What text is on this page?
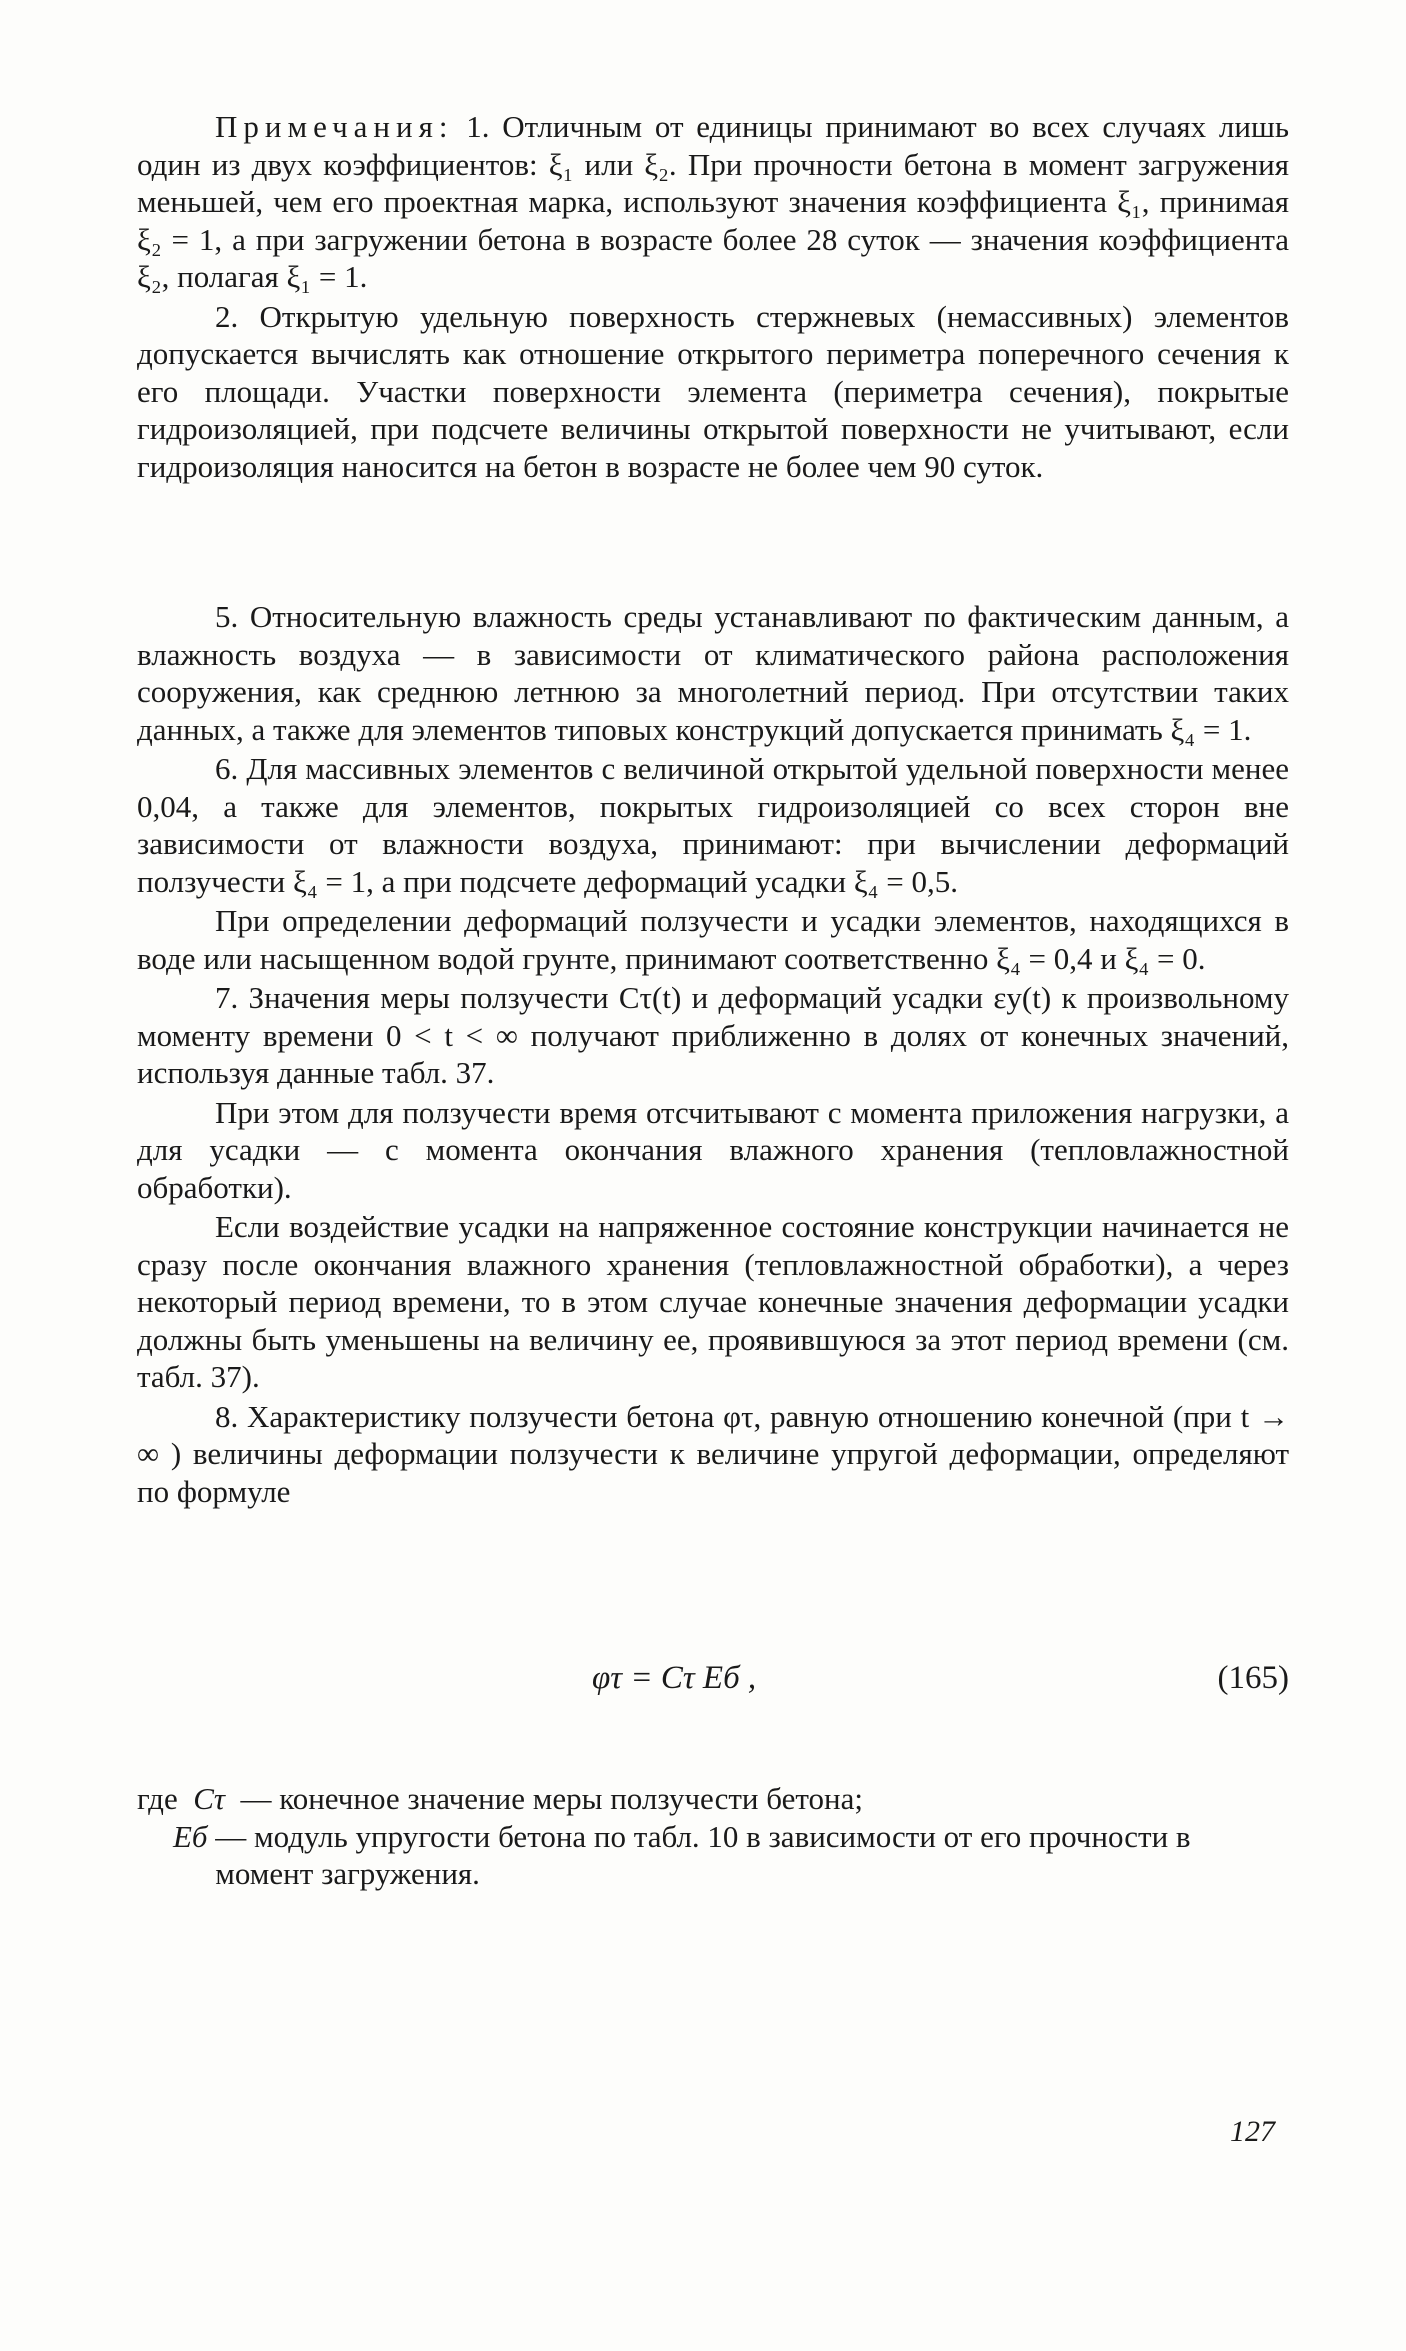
Примечания: 1. Отличным от единицы принимают во всех случаях лишь один из двух коэффициентов: ξ₁ или ξ₂. При прочности бетона в момент загружения меньшей, чем его проектная марка, используют значения коэффициента ξ₁, принимая ξ₂ = 1, а при загружении бетона в возрасте более 28 суток — значения коэффициента ξ₂, полагая ξ₁ = 1.

2. Открытую удельную поверхность стержневых (немассивных) элементов допускается вычислять как отношение открытого периметра поперечного сечения к его площади. Участки поверхности элемента (периметра сечения), покрытые гидроизоляцией, при подсчете величины открытой поверхности не учитывают, если гидроизоляция наносится на бетон в возрасте не более чем 90 суток.

5. Относительную влажность среды устанавливают по фактическим данным, а влажность воздуха — в зависимости от климатического района расположения сооружения, как среднюю летнюю за многолетний период. При отсутствии таких данных, а также для элементов типовых конструкций допускается принимать ξ₄ = 1.

6. Для массивных элементов с величиной открытой удельной поверхности менее 0,04, а также для элементов, покрытых гидроизоляцией со всех сторон вне зависимости от влажности воздуха, принимают: при вычислении деформаций ползучести ξ₄ = 1, а при подсчете деформаций усадки ξ₄ = 0,5.

При определении деформаций ползучести и усадки элементов, находящихся в воде или насыщенном водой грунте, принимают соответственно ξ₄ = 0,4 и ξ₄ = 0.

7. Значения меры ползучести Cτ(t) и деформаций усадки εу(t) к произвольному моменту времени 0 < t < ∞ получают приближенно в долях от конечных значений, используя данные табл. 37.

При этом для ползучести время отсчитывают с момента приложения нагрузки, а для усадки — с момента окончания влажного хранения (тепловлажностной обработки).

Если воздействие усадки на напряженное состояние конструкции начинается не сразу после окончания влажного хранения (тепловлажностной обработки), а через некоторый период времени, то в этом случае конечные значения деформации усадки должны быть уменьшены на величину ее, проявившуюся за этот период времени (см. табл. 37).

8. Характеристику ползучести бетона φτ, равную отношению конечной (при t → ∞ ) величины деформации ползучести к величине упругой деформации, определяют по формуле

φτ = Cτ Eб ,	(165)
где
Cτ
— конечное значение меры ползучести бетона;
Eб
— модуль упругости бетона по табл. 10 в зависимости от его прочности в момент загружения.
127
